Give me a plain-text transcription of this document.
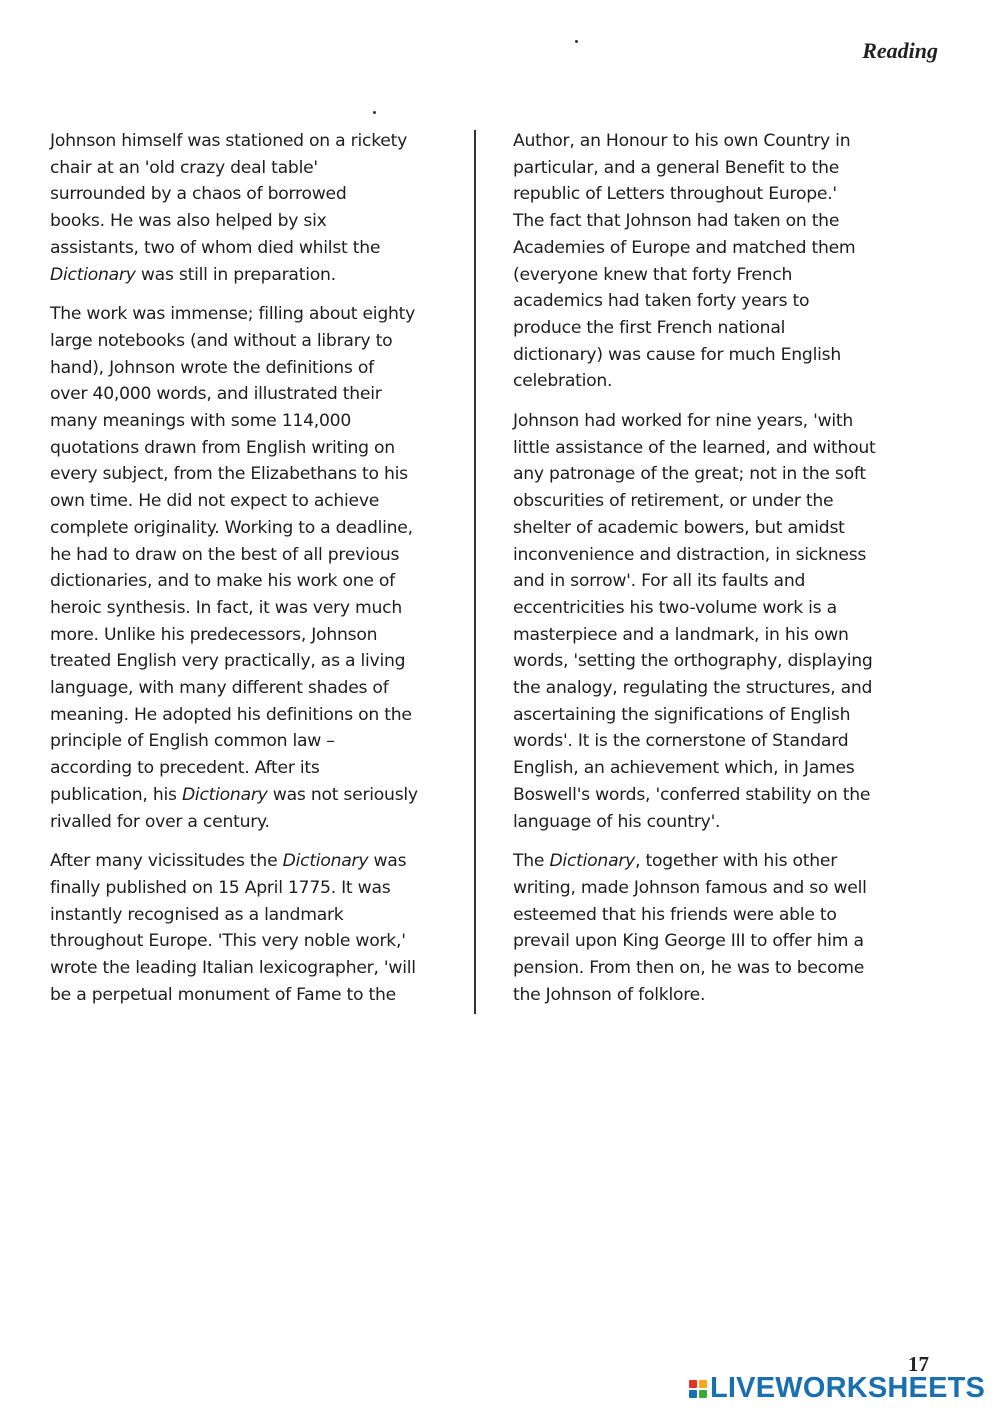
Reading

Johnson himself was stationed on a rickety
chair at an 'old crazy deal table'
surrounded by a chaos of borrowed
books. He was also helped by six
assistants, two of whom died whilst the
Dictionary was still in preparation.

The work was immense; filling about eighty
large notebooks (and without a library to
hand), Johnson wrote the definitions of
over 40,000 words, and illustrated their
many meanings with some 114,000
quotations drawn from English writing on
every subject, from the Elizabethans to his
own time. He did not expect to achieve
complete originality. Working to a deadline,
he had to draw on the best of all previous
dictionaries, and to make his work one of
heroic synthesis. In fact, it was very much
more. Unlike his predecessors, Johnson
treated English very practically, as a living
language, with many different shades of
meaning. He adopted his definitions on the
principle of English common law –
according to precedent. After its
publication, his Dictionary was not seriously
rivalled for over a century.

After many vicissitudes the Dictionary was
finally published on 15 April 1775. It was
instantly recognised as a landmark
throughout Europe. 'This very noble work,'
wrote the leading Italian lexicographer, 'will
be a perpetual monument of Fame to the

Author, an Honour to his own Country in
particular, and a general Benefit to the
republic of Letters throughout Europe.'
The fact that Johnson had taken on the
Academies of Europe and matched them
(everyone knew that forty French
academics had taken forty years to
produce the first French national
dictionary) was cause for much English
celebration.

Johnson had worked for nine years, 'with
little assistance of the learned, and without
any patronage of the great; not in the soft
obscurities of retirement, or under the
shelter of academic bowers, but amidst
inconvenience and distraction, in sickness
and in sorrow'. For all its faults and
eccentricities his two-volume work is a
masterpiece and a landmark, in his own
words, 'setting the orthography, displaying
the analogy, regulating the structures, and
ascertaining the significations of English
words'. It is the cornerstone of Standard
English, an achievement which, in James
Boswell's words, 'conferred stability on the
language of his country'.

The Dictionary, together with his other
writing, made Johnson famous and so well
esteemed that his friends were able to
prevail upon King George III to offer him a
pension. From then on, he was to become
the Johnson of folklore.

17
LIVEWORKSHEETS
